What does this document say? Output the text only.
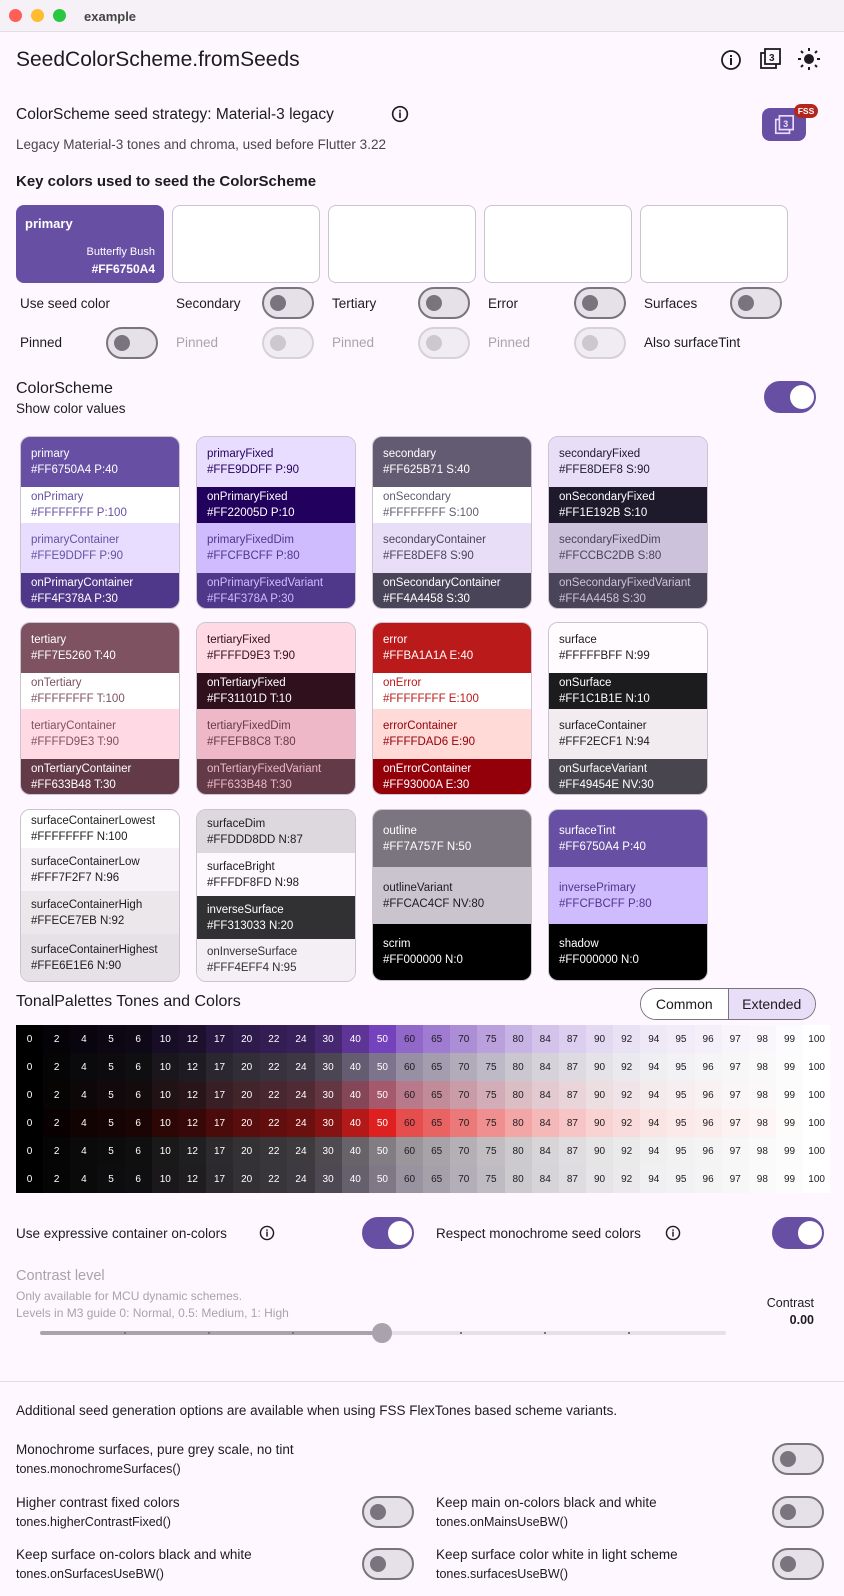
example
SeedColorScheme.fromSeeds	3
ColorScheme seed strategy: Material-3 legacy
Legacy Material-3 tones and chroma, used before Flutter 3.22
3
FSS
Key colors used to seed the ColorScheme
primary
Butterfly Bush
#FF6750A4
Use seed color	Secondary	Tertiary	Error	Surfaces
Pinned	Pinned	Pinned	Pinned	Also surfaceTint
ColorScheme
Show color values
primary
#FF6750A4 P:40
onPrimary
#FFFFFFFF P:100
primaryContainer
#FFE9DDFF P:90
onPrimaryContainer
#FF4F378A P:30
primaryFixed
#FFE9DDFF P:90
onPrimaryFixed
#FF22005D P:10
primaryFixedDim
#FFCFBCFF P:80
onPrimaryFixedVariant
#FF4F378A P:30
secondary
#FF625B71 S:40
onSecondary
#FFFFFFFF S:100
secondaryContainer
#FFE8DEF8 S:90
onSecondaryContainer
#FF4A4458 S:30
secondaryFixed
#FFE8DEF8 S:90
onSecondaryFixed
#FF1E192B S:10
secondaryFixedDim
#FFCCBC2DB S:80
onSecondaryFixedVariant
#FF4A4458 S:30
tertiary
#FF7E5260 T:40
onTertiary
#FFFFFFFF T:100
tertiaryContainer
#FFFFD9E3 T:90
onTertiaryContainer
#FF633B48 T:30
tertiaryFixed
#FFFFD9E3 T:90
onTertiaryFixed
#FF31101D T:10
tertiaryFixedDim
#FFEFB8C8 T:80
onTertiaryFixedVariant
#FF633B48 T:30
error
#FFBA1A1A E:40
onError
#FFFFFFFF E:100
errorContainer
#FFFFDAD6 E:90
onErrorContainer
#FF93000A E:30
surface
#FFFFFBFF N:99
onSurface
#FF1C1B1E N:10
surfaceContainer
#FFF2ECF1 N:94
onSurfaceVariant
#FF49454E NV:30
surfaceContainerLowest
#FFFFFFFF N:100
surfaceContainerLow
#FFF7F2F7 N:96
surfaceContainerHigh
#FFECE7EB N:92
surfaceContainerHighest
#FFE6E1E6 N:90
surfaceDim
#FFDDD8DD N:87
surfaceBright
#FFFDF8FD N:98
inverseSurface
#FF313033 N:20
onInverseSurface
#FFF4EFF4 N:95
outline
#FF7A757F N:50
outlineVariant
#FFCAC4CF NV:80
scrim
#FF000000 N:0
surfaceTint
#FF6750A4 P:40
inversePrimary
#FFCFBCFF P:80
shadow
#FF000000 N:0
TonalPalettes Tones and Colors	Common	Extended
0	2	4	5	6	10	12	17	20	22	24	30	40	50	60	65	70	75	80	84	87	90	92	94	95	96	97	98	99	100
0	2	4	5	6	10	12	17	20	22	24	30	40	50	60	65	70	75	80	84	87	90	92	94	95	96	97	98	99	100
0	2	4	5	6	10	12	17	20	22	24	30	40	50	60	65	70	75	80	84	87	90	92	94	95	96	97	98	99	100
0	2	4	5	6	10	12	17	20	22	24	30	40	50	60	65	70	75	80	84	87	90	92	94	95	96	97	98	99	100
0	2	4	5	6	10	12	17	20	22	24	30	40	50	60	65	70	75	80	84	87	90	92	94	95	96	97	98	99	100
0	2	4	5	6	10	12	17	20	22	24	30	40	50	60	65	70	75	80	84	87	90	92	94	95	96	97	98	99	100
Use expressive container on-colors	Respect monochrome seed colors
Contrast level
Only available for MCU dynamic schemes.
Levels in M3 guide 0: Normal, 0.5: Medium, 1: High
Contrast
0.00
Additional seed generation options are available when using FSS FlexTones based scheme variants.
Monochrome surfaces, pure grey scale, no tint
tones.monochromeSurfaces()
Higher contrast fixed colors
tones.higherContrastFixed()
Keep main on-colors black and white
tones.onMainsUseBW()
Keep surface on-colors black and white
tones.onSurfacesUseBW()
Keep surface color white in light scheme
tones.surfacesUseBW()
